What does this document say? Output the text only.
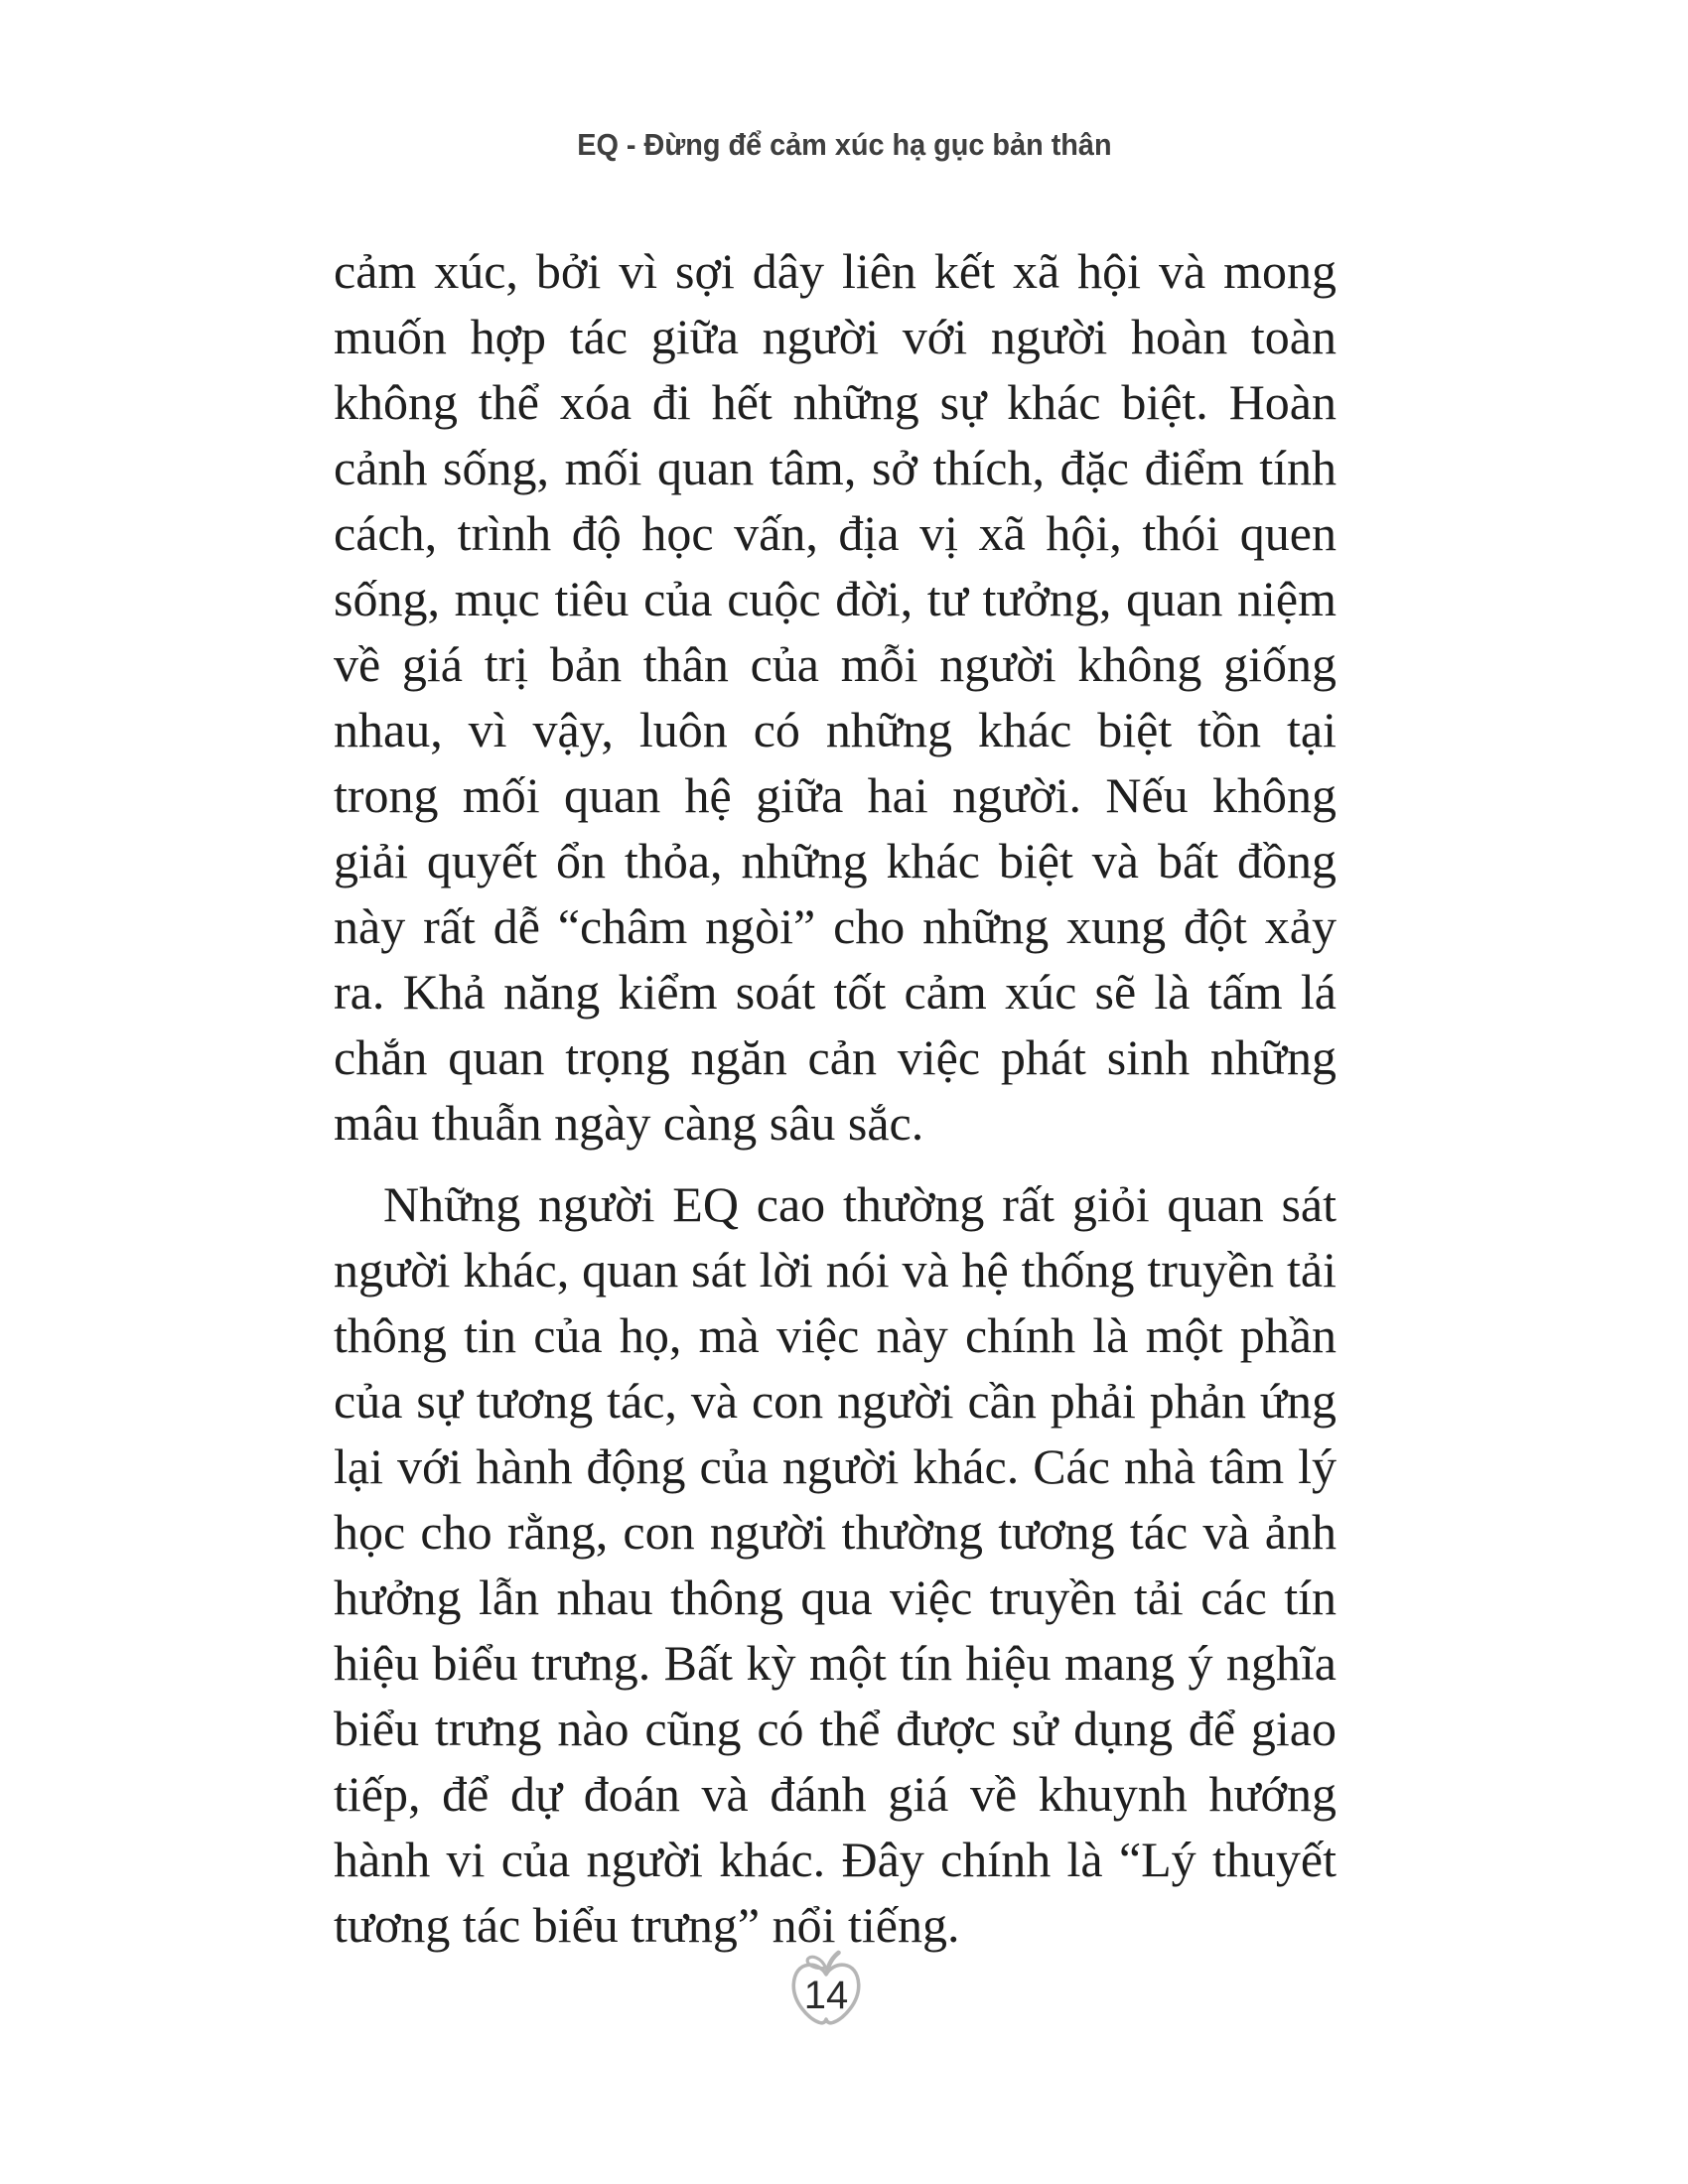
EQ - Đừng để cảm xúc hạ gục bản thân
cảm xúc, bởi vì sợi dây liên kết xã hội và mong
muốn hợp tác giữa người với người hoàn toàn
không thể xóa đi hết những sự khác biệt. Hoàn
cảnh sống, mối quan tâm, sở thích, đặc điểm tính
cách, trình độ học vấn, địa vị xã hội, thói quen
sống, mục tiêu của cuộc đời, tư tưởng, quan niệm
về giá trị bản thân của mỗi người không giống
nhau, vì vậy, luôn có những khác biệt tồn tại
trong mối quan hệ giữa hai người. Nếu không
giải quyết ổn thỏa, những khác biệt và bất đồng
này rất dễ “châm ngòi” cho những xung đột xảy
ra. Khả năng kiểm soát tốt cảm xúc sẽ là tấm lá
chắn quan trọng ngăn cản việc phát sinh những
mâu thuẫn ngày càng sâu sắc.
Những người EQ cao thường rất giỏi quan sát
người khác, quan sát lời nói và hệ thống truyền tải
thông tin của họ, mà việc này chính là một phần
của sự tương tác, và con người cần phải phản ứng
lại với hành động của người khác. Các nhà tâm lý
học cho rằng, con người thường tương tác và ảnh
hưởng lẫn nhau thông qua việc truyền tải các tín
hiệu biểu trưng. Bất kỳ một tín hiệu mang ý nghĩa
biểu trưng nào cũng có thể được sử dụng để giao
tiếp, để dự đoán và đánh giá về khuynh hướng
hành vi của người khác. Đây chính là “Lý thuyết
tương tác biểu trưng” nổi tiếng.
14
